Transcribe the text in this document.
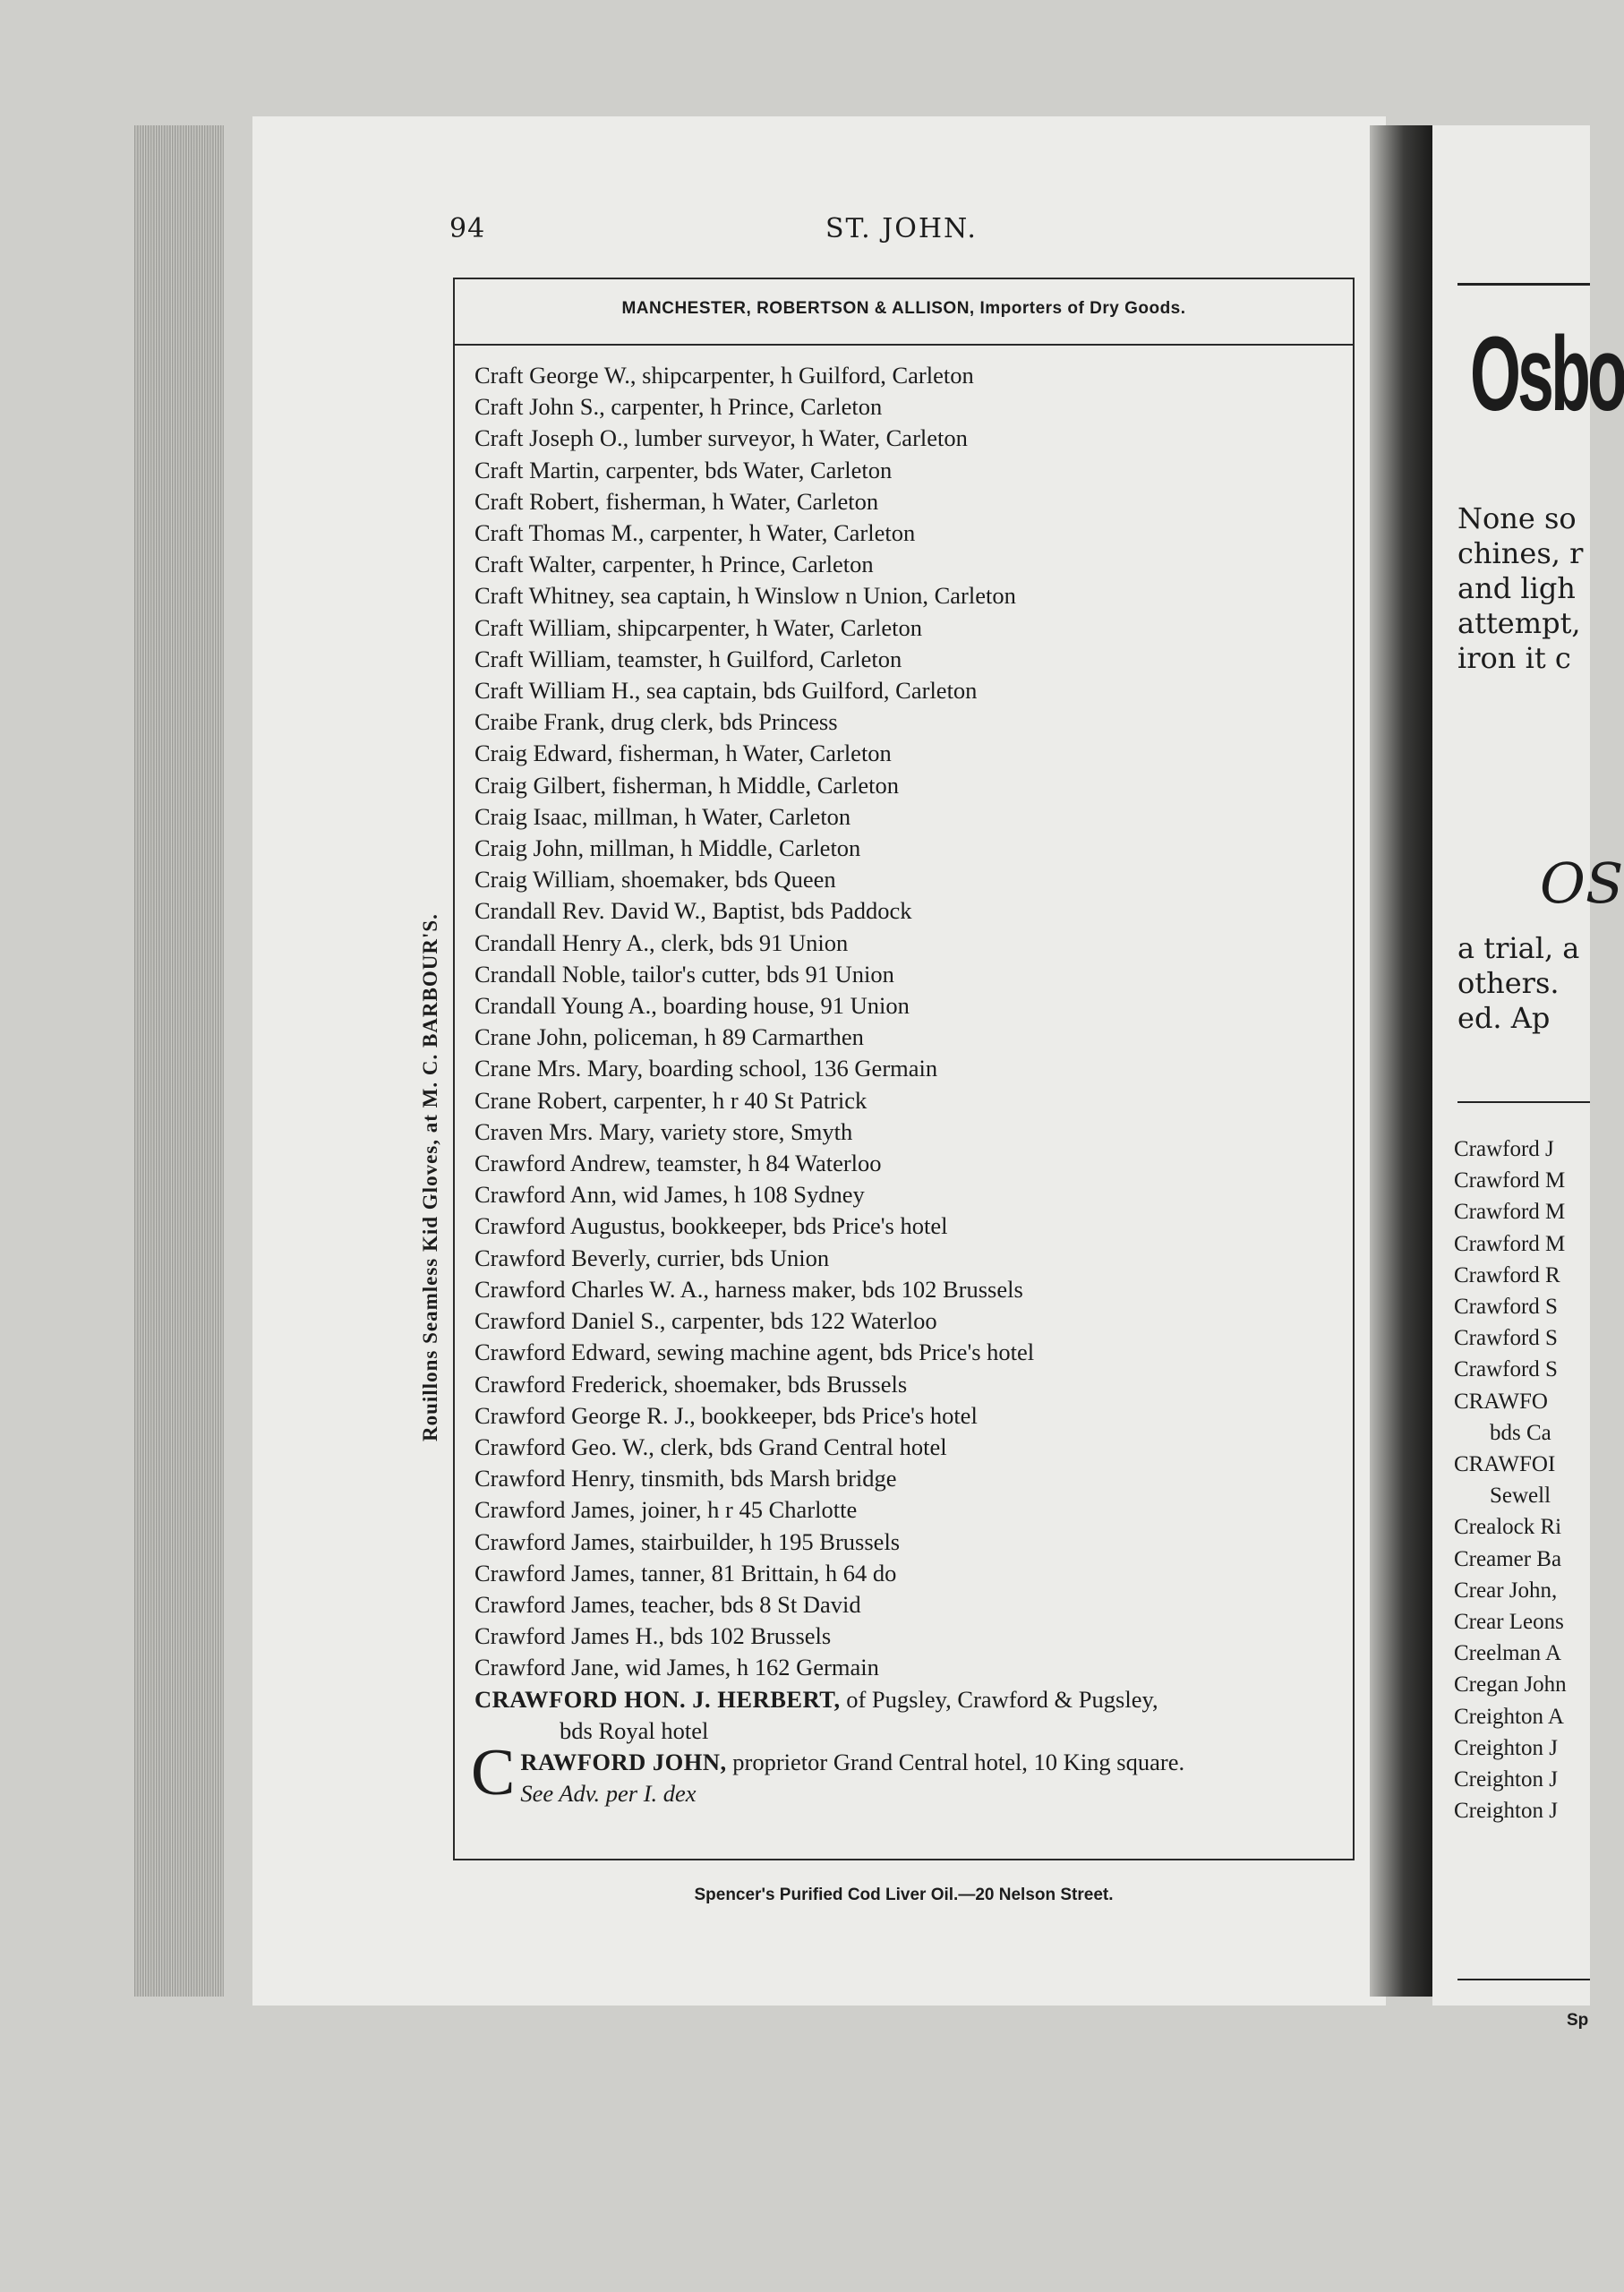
94	ST. JOHN.
Rouillons Seamless Kid Gloves, at M. C. BARBOUR'S.
MANCHESTER, ROBERTSON & ALLISON, Importers of Dry Goods.
Craft George W., shipcarpenter, h Guilford, Carleton
Craft John S., carpenter, h Prince, Carleton
Craft Joseph O., lumber surveyor, h Water, Carleton
Craft Martin, carpenter, bds Water, Carleton
Craft Robert, fisherman, h Water, Carleton
Craft Thomas M., carpenter, h Water, Carleton
Craft Walter, carpenter, h Prince, Carleton
Craft Whitney, sea captain, h Winslow n Union, Carleton
Craft William, shipcarpenter, h Water, Carleton
Craft William, teamster, h Guilford, Carleton
Craft William H., sea captain, bds Guilford, Carleton
Craibe Frank, drug clerk, bds Princess
Craig Edward, fisherman, h Water, Carleton
Craig Gilbert, fisherman, h Middle, Carleton
Craig Isaac, millman, h Water, Carleton
Craig John, millman, h Middle, Carleton
Craig William, shoemaker, bds Queen
Crandall Rev. David W., Baptist, bds Paddock
Crandall Henry A., clerk, bds 91 Union
Crandall Noble, tailor's cutter, bds 91 Union
Crandall Young A., boarding house, 91 Union
Crane John, policeman, h 89 Carmarthen
Crane Mrs. Mary, boarding school, 136 Germain
Crane Robert, carpenter, h r 40 St Patrick
Craven Mrs. Mary, variety store, Smyth
Crawford Andrew, teamster, h 84 Waterloo
Crawford Ann, wid James, h 108 Sydney
Crawford Augustus, bookkeeper, bds Price's hotel
Crawford Beverly, currier, bds Union
Crawford Charles W. A., harness maker, bds 102 Brussels
Crawford Daniel S., carpenter, bds 122 Waterloo
Crawford Edward, sewing machine agent, bds Price's hotel
Crawford Frederick, shoemaker, bds Brussels
Crawford George R. J., bookkeeper, bds Price's hotel
Crawford Geo. W., clerk, bds Grand Central hotel
Crawford Henry, tinsmith, bds Marsh bridge
Crawford James, joiner, h r 45 Charlotte
Crawford James, stairbuilder, h 195 Brussels
Crawford James, tanner, 81 Brittain, h 64 do
Crawford James, teacher, bds 8 St David
Crawford James H., bds 102 Brussels
Crawford Jane, wid James, h 162 Germain
CRAWFORD HON. J. HERBERT, of Pugsley, Crawford & Pugsley,
bds Royal hotel
CRAWFORD JOHN, proprietor Grand Central hotel, 10 King square.
See Adv. per I. dex
Spencer's Purified Cod Liver Oil.—20 Nelson Street.
Osbo
None so
chines, r
and ligh
attempt,
iron it c
OS
a trial, a
others.
ed. Ap
Crawford J
Crawford M
Crawford M
Crawford M
Crawford R
Crawford S
Crawford S
Crawford S
CRAWFO
bds Ca
CRAWFOI
Sewell
Crealock Ri
Creamer Ba
Crear John,
Crear Leons
Creelman A
Cregan John
Creighton A
Creighton J
Creighton J
Creighton J
Sp
